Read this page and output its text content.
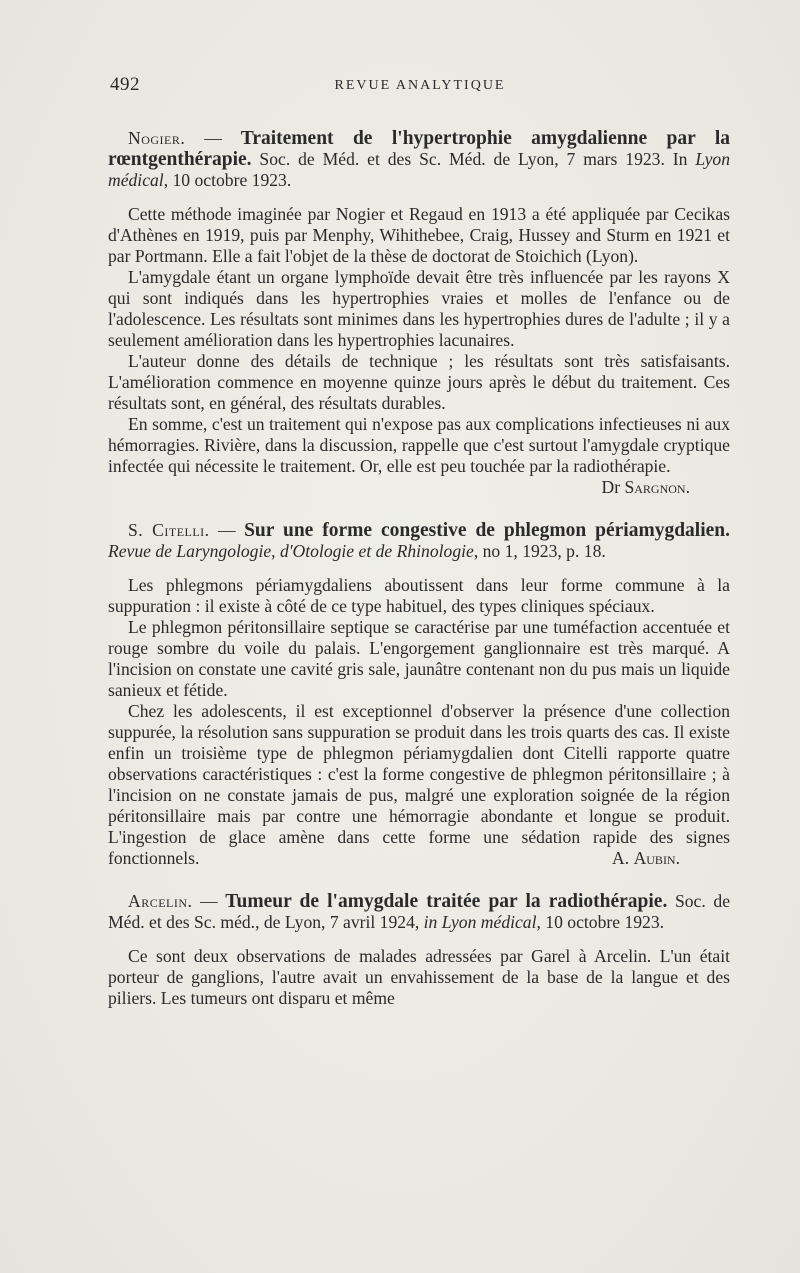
492	REVUE ANALYTIQUE

Nogier. — Traitement de l'hypertrophie amygdalienne par la rœntgenthérapie. Soc. de Méd. et des Sc. Méd. de Lyon, 7 mars 1923. In Lyon médical, 10 octobre 1923.

Cette méthode imaginée par Nogier et Regaud en 1913 a été appliquée par Cecikas d'Athènes en 1919, puis par Menphy, Wihithebee, Craig, Hussey and Sturm en 1921 et par Portmann. Elle a fait l'objet de la thèse de doctorat de Stoichich (Lyon).

L'amygdale étant un organe lymphoïde devait être très influencée par les rayons X qui sont indiqués dans les hypertrophies vraies et molles de l'enfance ou de l'adolescence. Les résultats sont minimes dans les hypertrophies dures de l'adulte ; il y a seulement amélioration dans les hypertrophies lacunaires.

L'auteur donne des détails de technique ; les résultats sont très satisfaisants. L'amélioration commence en moyenne quinze jours après le début du traitement. Ces résultats sont, en général, des résultats durables.

En somme, c'est un traitement qui n'expose pas aux complications infectieuses ni aux hémorragies. Rivière, dans la discussion, rappelle que c'est surtout l'amygdale cryptique infectée qui nécessite le traitement. Or, elle est peu touchée par la radiothérapie.

Dr Sargnon.

S. Citelli. — Sur une forme congestive de phlegmon périamygdalien. Revue de Laryngologie, d'Otologie et de Rhinologie, no 1, 1923, p. 18.

Les phlegmons périamygdaliens aboutissent dans leur forme commune à la suppuration : il existe à côté de ce type habituel, des types cliniques spéciaux.

Le phlegmon péritonsillaire septique se caractérise par une tuméfaction accentuée et rouge sombre du voile du palais. L'engorgement ganglionnaire est très marqué. A l'incision on constate une cavité gris sale, jaunâtre contenant non du pus mais un liquide sanieux et fétide.

Chez les adolescents, il est exceptionnel d'observer la présence d'une collection suppurée, la résolution sans suppuration se produit dans les trois quarts des cas. Il existe enfin un troisième type de phlegmon périamygdalien dont Citelli rapporte quatre observations caractéristiques : c'est la forme congestive de phlegmon péritonsillaire ; à l'incision on ne constate jamais de pus, malgré une exploration soignée de la région péritonsillaire mais par contre une hémorragie abondante et longue se produit. L'ingestion de glace amène dans cette forme une sédation rapide des signes fonctionnels.	A. Aubin.

Arcelin. — Tumeur de l'amygdale traitée par la radiothérapie. Soc. de Méd. et des Sc. méd., de Lyon, 7 avril 1924, in Lyon médical, 10 octobre 1923.

Ce sont deux observations de malades adressées par Garel à Arcelin. L'un était porteur de ganglions, l'autre avait un envahissement de la base de la langue et des piliers. Les tumeurs ont disparu et même
